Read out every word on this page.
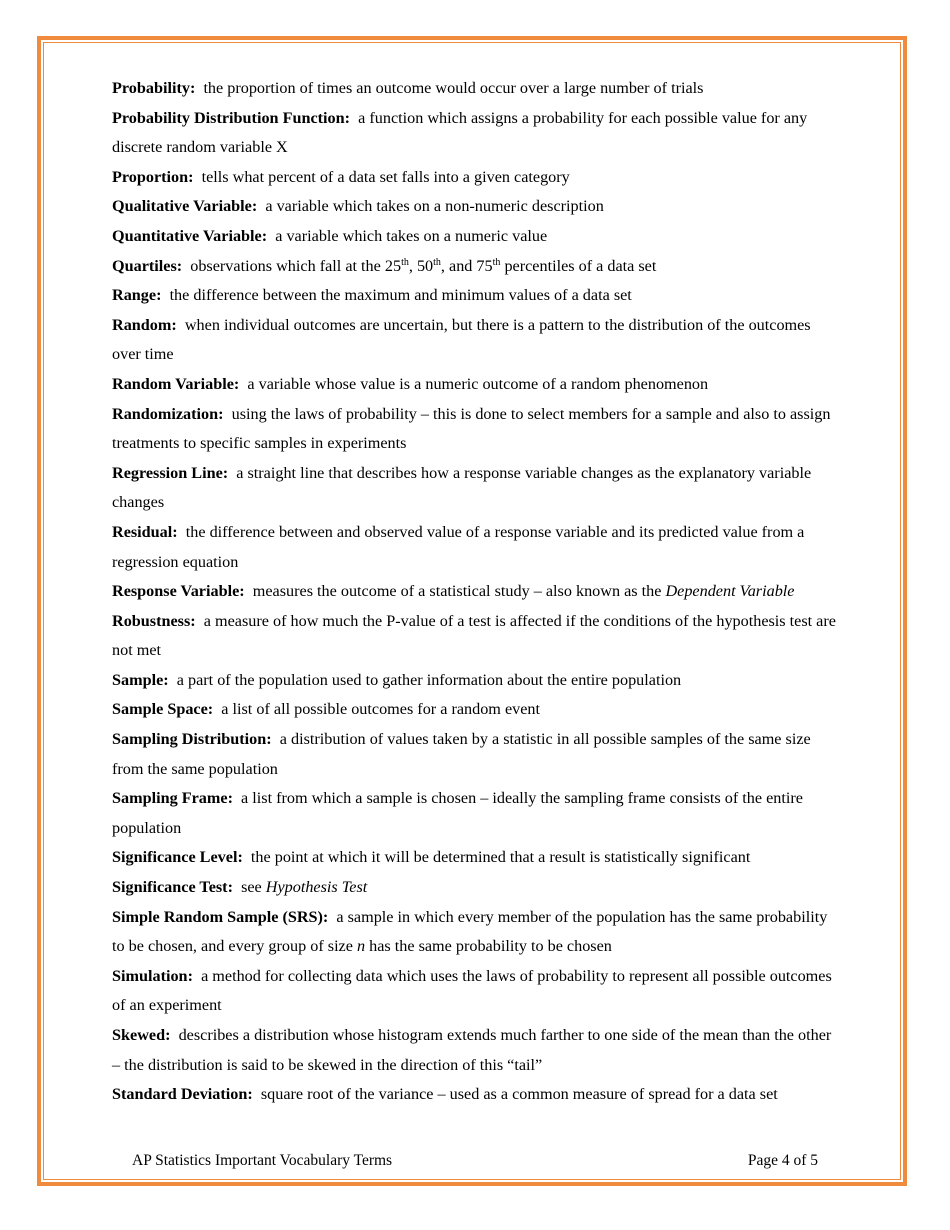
Probability : the proportion of times an outcome would occur over a large number of trials

Probability Distribution Function : a function which assigns a probability for each possible value for any discrete random variable X

Proportion : tells what percent of a data set falls into a given category

Qualitative Variable : a variable which takes on a non-numeric description

Quantitative Variable : a variable which takes on a numeric value

Quartiles : observations which fall at the 25th, 50th, and 75th percentiles of a data set

Range : the difference between the maximum and minimum values of a data set

Random : when individual outcomes are uncertain, but there is a pattern to the distribution of the outcomes over time

Random Variable : a variable whose value is a numeric outcome of a random phenomenon

Randomization : using the laws of probability – this is done to select members for a sample and also to assign treatments to specific samples in experiments

Regression Line : a straight line that describes how a response variable changes as the explanatory variable changes

Residual : the difference between and observed value of a response variable and its predicted value from a regression equation

Response Variable : measures the outcome of a statistical study – also known as the Dependent Variable

Robustness : a measure of how much the P-value of a test is affected if the conditions of the hypothesis test are not met

Sample : a part of the population used to gather information about the entire population

Sample Space : a list of all possible outcomes for a random event

Sampling Distribution : a distribution of values taken by a statistic in all possible samples of the same size from the same population

Sampling Frame : a list from which a sample is chosen – ideally the sampling frame consists of the entire population

Significance Level : the point at which it will be determined that a result is statistically significant

Significance Test : see Hypothesis Test

Simple Random Sample (SRS) : a sample in which every member of the population has the same probability to be chosen, and every group of size n has the same probability to be chosen

Simulation : a method for collecting data which uses the laws of probability to represent all possible outcomes of an experiment

Skewed : describes a distribution whose histogram extends much farther to one side of the mean than the other – the distribution is said to be skewed in the direction of this “tail”

Standard Deviation : square root of the variance – used as a common measure of spread for a data set

AP Statistics Important Vocabulary Terms	Page 4 of 5
